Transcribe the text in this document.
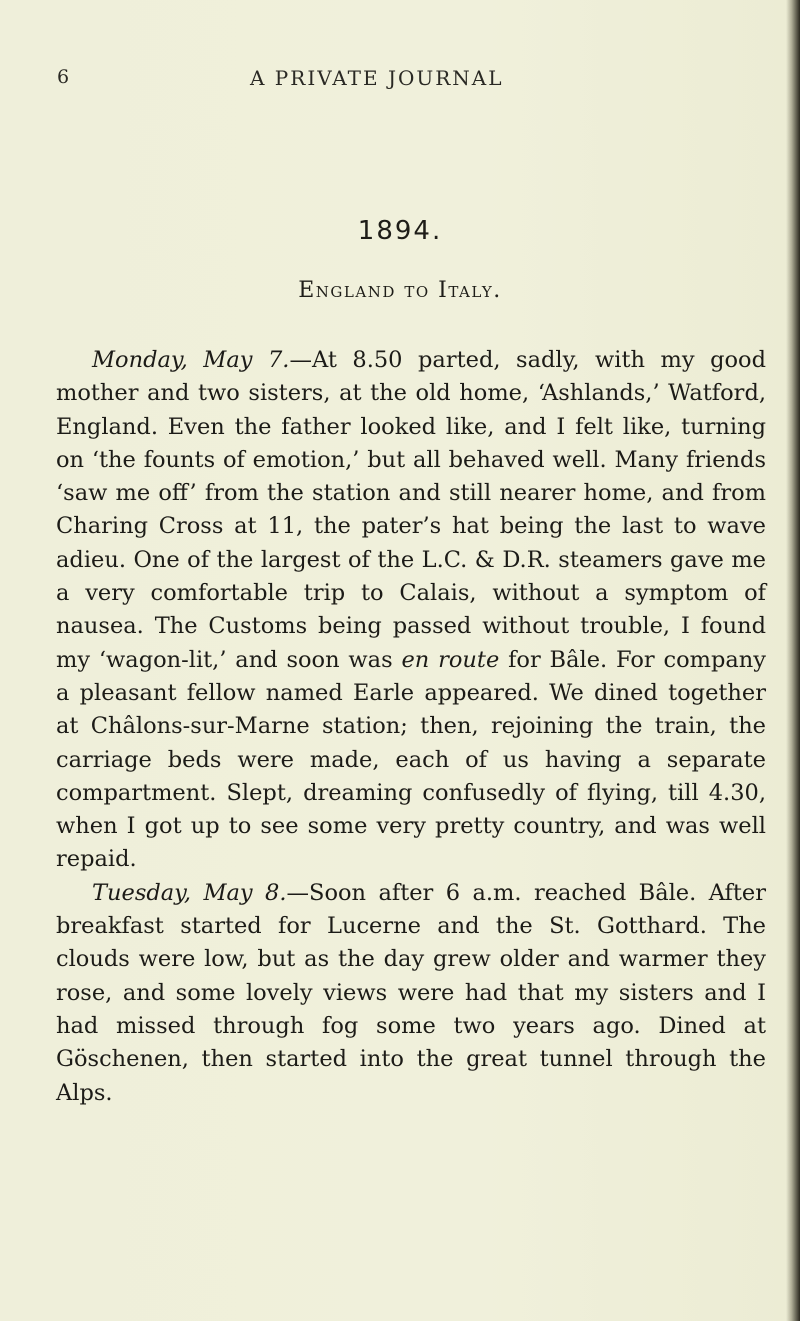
6	A PRIVATE JOURNAL
1894.
England to Italy.

Monday, May 7.—At 8.50 parted, sadly, with my good mother and two sisters, at the old home, ‘Ashlands,’ Watford, England. Even the father looked like, and I felt like, turning on ‘the founts of emotion,’ but all behaved well. Many friends ‘saw me off’ from the station and still nearer home, and from Charing Cross at 11, the pater’s hat being the last to wave adieu. One of the largest of the L.C. & D.R. steamers gave me a very comfortable trip to Calais, without a symptom of nausea. The Customs being passed without trouble, I found my ‘wagon-lit,’ and soon was en route for Bâle. For company a pleasant fellow named Earle appeared. We dined together at Châlons-sur-Marne station; then, rejoining the train, the carriage beds were made, each of us having a separate compartment. Slept, dreaming confusedly of flying, till 4.30, when I got up to see some very pretty country, and was well repaid.

Tuesday, May 8.—Soon after 6 a.m. reached Bâle. After breakfast started for Lucerne and the St. Gotthard. The clouds were low, but as the day grew older and warmer they rose, and some lovely views were had that my sisters and I had missed through fog some two years ago. Dined at Göschenen, then started into the great tunnel through the Alps.
